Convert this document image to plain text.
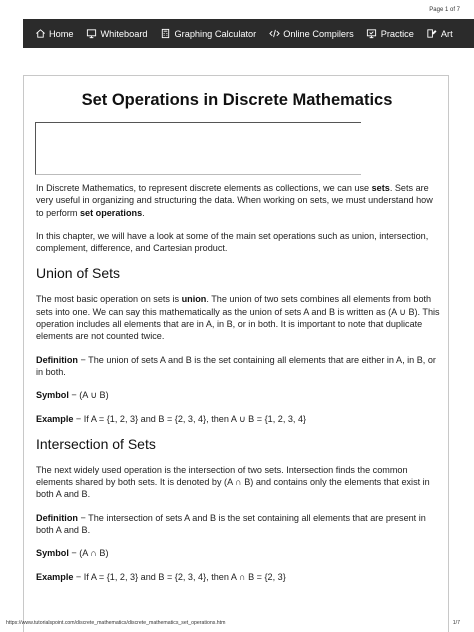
Page 1 of 7
Home	Whiteboard	Graphing Calculator	Online Compilers	Practice	Art
Set Operations in Discrete Mathematics

In Discrete Mathematics, to represent discrete elements as collections, we can use sets. Sets are very useful in organizing and structuring the data. When working on sets, we must understand how to perform set operations.

In this chapter, we will have a look at some of the main set operations such as union, intersection, complement, difference, and Cartesian product.

Union of Sets

The most basic operation on sets is union. The union of two sets combines all elements from both sets into one. We can say this mathematically as the union of sets A and B is written as (A ∪ B). This operation includes all elements that are in A, in B, or in both. It is important to note that duplicate elements are not counted twice.

Definition − The union of sets A and B is the set containing all elements that are either in A, in B, or in both.

Symbol − (A ∪ B)

Example − If A = {1, 2, 3} and B = {2, 3, 4}, then A ∪ B = {1, 2, 3, 4}

Intersection of Sets

The next widely used operation is the intersection of two sets. Intersection finds the common elements shared by both sets. It is denoted by (A ∩ B) and contains only the elements that exist in both A and B.

Definition − The intersection of sets A and B is the set containing all elements that are present in both A and B.

Symbol − (A ∩ B)

Example − If A = {1, 2, 3} and B = {2, 3, 4}, then A ∩ B = {2, 3}

https://www.tutorialspoint.com/discrete_mathematics/discrete_mathematics_set_operations.htm	1/7
